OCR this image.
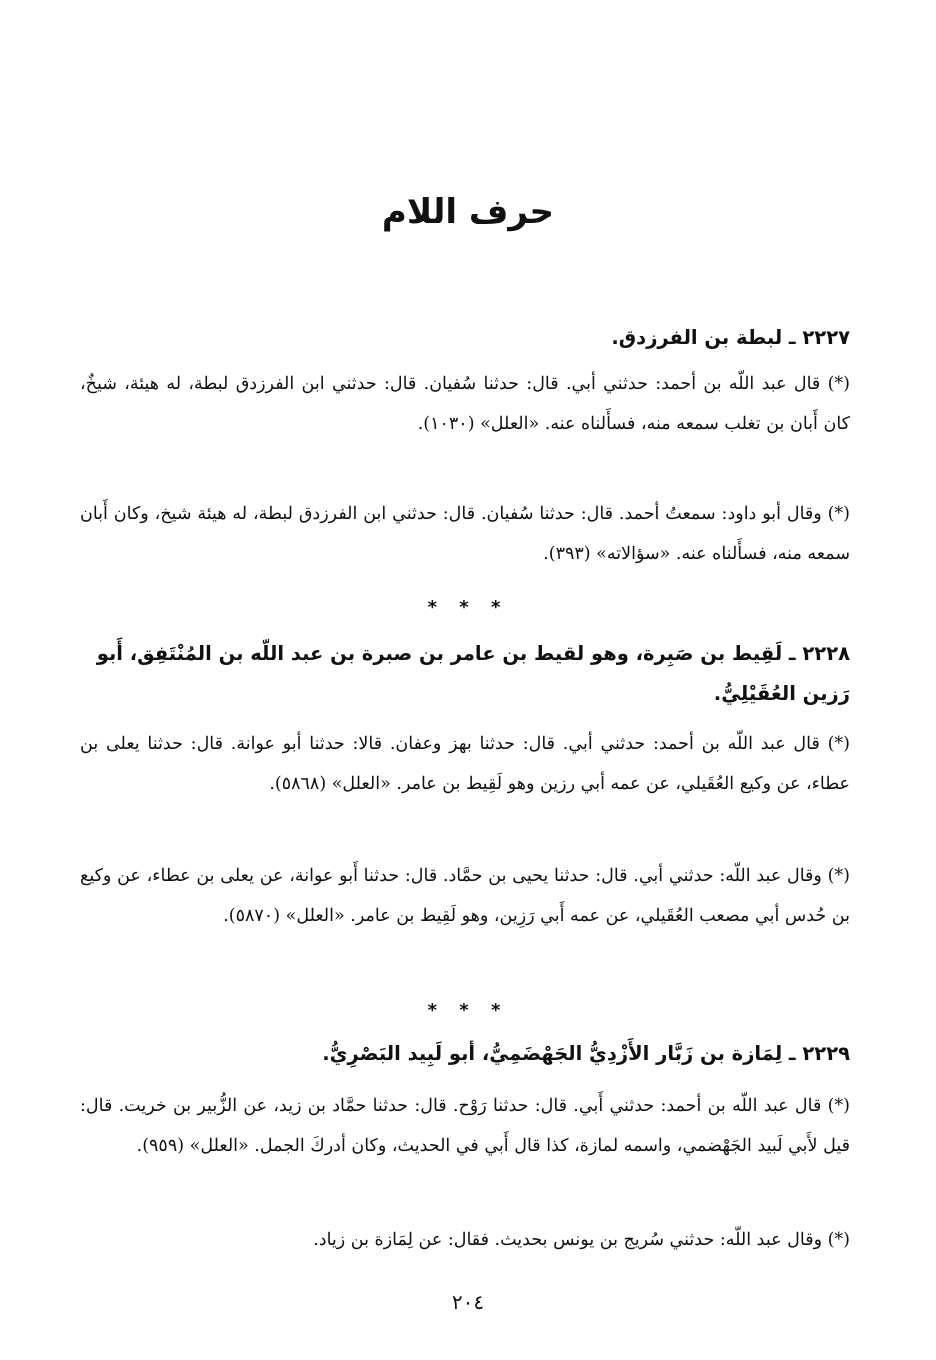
حرف اللام
٢٢٢٧ ـ لبطة بن الفرزدق.

(*) قال عبد اللّه بن أحمد: حدثني أبي. قال: حدثنا سُفيان. قال: حدثني ابن الفرزدق لبطة، له هيئة، شيخٌ، كان أَبان بن تغلب سمعه منه، فسأَلناه عنه. «العلل» (١٠٣٠).

(*) وقال أبو داود: سمعتُ أحمد. قال: حدثنا سُفيان. قال: حدثني ابن الفرزدق لبطة، له هيئة شيخ، وكان أَبان سمعه منه، فسأَلناه عنه. «سؤالاته» (٣٩٣).

* * *
٢٢٢٨ ـ لَقِيط بن صَبِرة، وهو لقيط بن عامر بن صبرة بن عبد اللّه بن المُنْتَفِق، أَبو رَزين العُقَيْلِيُّ.

(*) قال عبد اللّه بن أحمد: حدثني أبي. قال: حدثنا بهز وعفان. قالا: حدثنا أبو عوانة. قال: حدثنا يعلى بن عطاء، عن وكيع العُقَيلي، عن عمه أبي رزين وهو لَقِيط بن عامر. «العلل» (٥٨٦٨).

(*) وقال عبد اللّه: حدثني أبي. قال: حدثنا يحيى بن حمَّاد. قال: حدثنا أَبو عوانة، عن يعلى بن عطاء، عن وكيع بن حُدس أبي مصعب العُقَيلي، عن عمه أَبي رَزِين، وهو لَقِيط بن عامر. «العلل» (٥٨٧٠).

* * *
٢٢٢٩ ـ لِمَازة بن زَبَّار الأَزْدِيُّ الجَهْضَمِيُّ، أبو لَبِيد البَصْرِيُّ.

(*) قال عبد اللّه بن أحمد: حدثني أَبي. قال: حدثنا رَوْح. قال: حدثنا حمَّاد بن زيد، عن الزُّبير بن خريت. قال: قيل لأَبي لَبيد الجَهْضمي، واسمه لمازة، كذا قال أَبي في الحديث، وكان أدركَ الجمل. «العلل» (٩٥٩).

(*) وقال عبد اللّه: حدثني سُريج بن يونس بحديث. فقال: عن لِمَازة بن زياد.

٢٠٤
